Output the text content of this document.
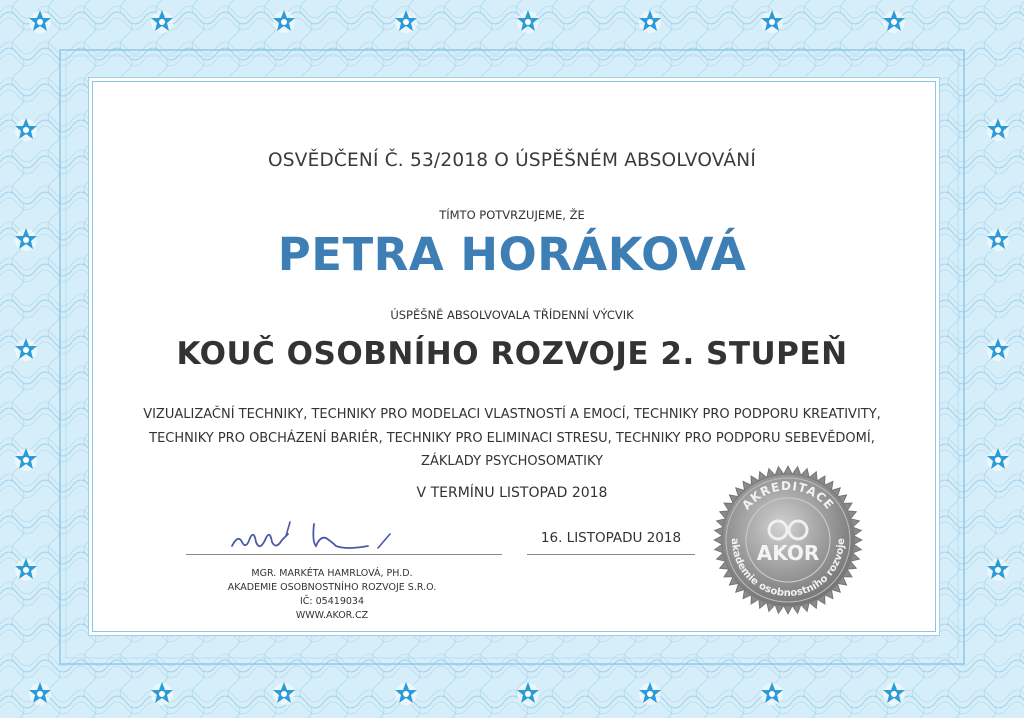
OSVĚDČENÍ Č. 53/2018 O ÚSPĚŠNÉM ABSOLVOVÁNÍ
TÍMTO POTVRZUJEME, ŽE
PETRA HORÁKOVÁ
ÚSPĚŠNĚ ABSOLVOVALA TŘÍDENNÍ VÝCVIK
KOUČ OSOBNÍHO ROZVOJE 2. STUPEŇ
VIZUALIZAČNÍ TECHNIKY, TECHNIKY PRO MODELACI VLASTNOSTÍ A EMOCÍ, TECHNIKY PRO PODPORU KREATIVITY,
TECHNIKY PRO OBCHÁZENÍ BARIÉR, TECHNIKY PRO ELIMINACI STRESU, TECHNIKY PRO PODPORU SEBEVĚDOMÍ,
ZÁKLADY PSYCHOSOMATIKY
V TERMÍNU LISTOPAD 2018
16. LISTOPADU 2018
MGR. MARKÉTA HAMRLOVÁ, PH.D.
AKADEMIE OSOBNOSTNÍHO ROZVOJE S.R.O.
IČ: 05419034
WWW.AKOR.CZ
AKREDITACE
akademie osobnostního rozvoje
AKOR
